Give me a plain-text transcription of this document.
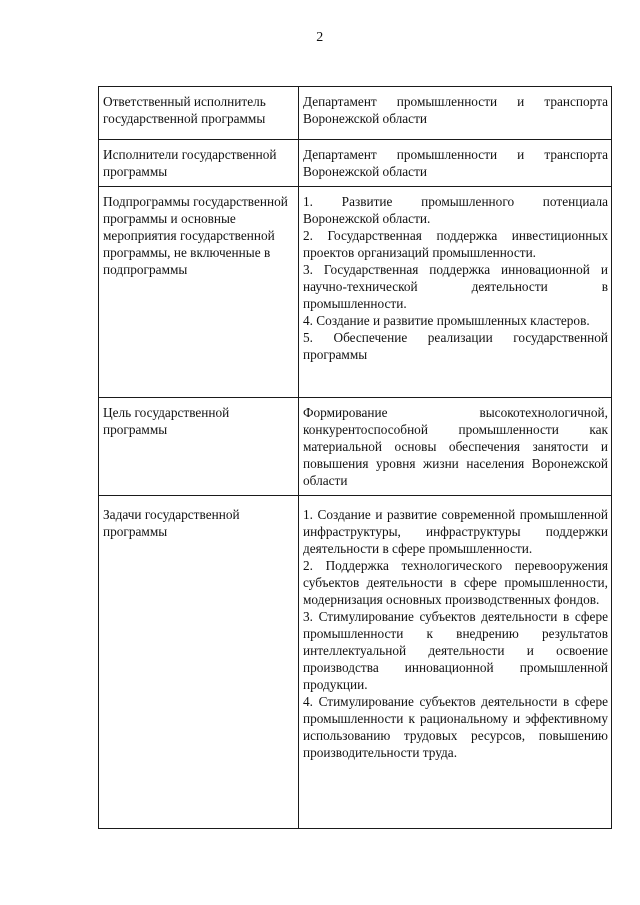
2
Ответственный исполнитель государственной программы	Департамент промышленности и транспорта Воронежской области

Исполнители государственной программы	Департамент промышленности и транспорта Воронежской области

Подпрограммы государственной программы и основные мероприятия государственной программы, не включенные в подпрограммы	1. Развитие промышленного потенциала Воронежской области.
2. Государственная поддержка инвестиционных проектов организаций промышленности.
3. Государственная поддержка инновационной и научно-технической деятельности в промышленности.
4. Создание и развитие промышленных кластеров.
5. Обеспечение реализации государственной программы

Цель государственной программы	Формирование высокотехнологичной, конкурентоспособной промышленности как материальной основы обеспечения занятости и повышения уровня жизни населения Воронежской области

Задачи государственной программы	1. Создание и развитие современной промышленной инфраструктуры, инфраструктуры поддержки деятельности в сфере промышленности.
2. Поддержка технологического перевооружения субъектов деятельности в сфере промышленности, модернизация основных производственных фондов.
3. Стимулирование субъектов деятельности в сфере промышленности к внедрению результатов интеллектуальной деятельности и освоение производства инновационной промышленной продукции.
4. Стимулирование субъектов деятельности в сфере промышленности к рациональному и эффективному использованию трудовых ресурсов, повышению производительности труда.
